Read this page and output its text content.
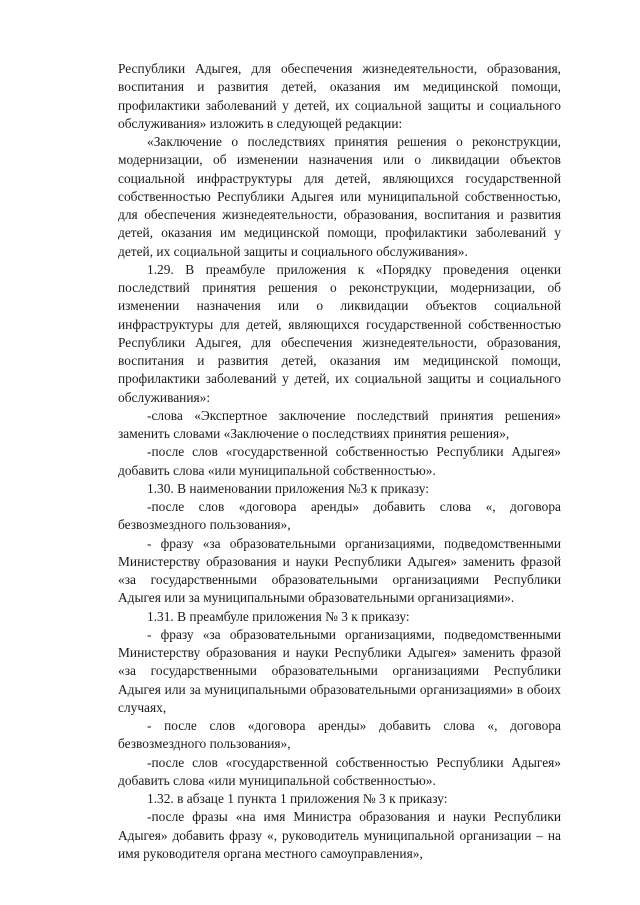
Республики Адыгея, для обеспечения жизнедеятельности, образования, воспитания и развития детей, оказания им медицинской помощи, профилактики заболеваний у детей, их социальной защиты и социального обслуживания» изложить в следующей редакции:

«Заключение о последствиях принятия решения о реконструкции, модернизации, об изменении назначения или о ликвидации объектов социальной инфраструктуры для детей, являющихся государственной собственностью Республики Адыгея или муниципальной собственностью, для обеспечения жизнедеятельности, образования, воспитания и развития детей, оказания им медицинской помощи, профилактики заболеваний у детей, их социальной защиты и социального обслуживания».

1.29. В преамбуле приложения к «Порядку проведения оценки последствий принятия решения о реконструкции, модернизации, об изменении назначения или о ликвидации объектов социальной инфраструктуры для детей, являющихся государственной собственностью Республики Адыгея, для обеспечения жизнедеятельности, образования, воспитания и развития детей, оказания им медицинской помощи, профилактики заболеваний у детей, их социальной защиты и социального обслуживания»:

-слова «Экспертное заключение последствий принятия решения» заменить словами «Заключение о последствиях принятия решения»,

-после слов «государственной собственностью Республики Адыгея» добавить слова «или муниципальной собственностью».

1.30. В наименовании приложения №3 к приказу:

-после слов «договора аренды» добавить слова «, договора безвозмездного пользования»,

- фразу «за образовательными организациями, подведомственными Министерству образования и науки Республики Адыгея» заменить фразой «за государственными образовательными организациями Республики Адыгея или за муниципальными образовательными организациями».

1.31. В преамбуле приложения № 3 к приказу:

- фразу «за образовательными организациями, подведомственными Министерству образования и науки Республики Адыгея» заменить фразой «за государственными образовательными организациями Республики Адыгея или за муниципальными образовательными организациями» в обоих случаях,

- после слов «договора аренды» добавить слова «, договора безвозмездного пользования»,

-после слов «государственной собственностью Республики Адыгея» добавить слова «или муниципальной собственностью».

1.32. в абзаце 1 пункта 1 приложения № 3 к приказу:

-после фразы «на имя Министра образования и науки Республики Адыгея» добавить фразу «, руководитель муниципальной организации – на имя руководителя органа местного самоуправления»,
